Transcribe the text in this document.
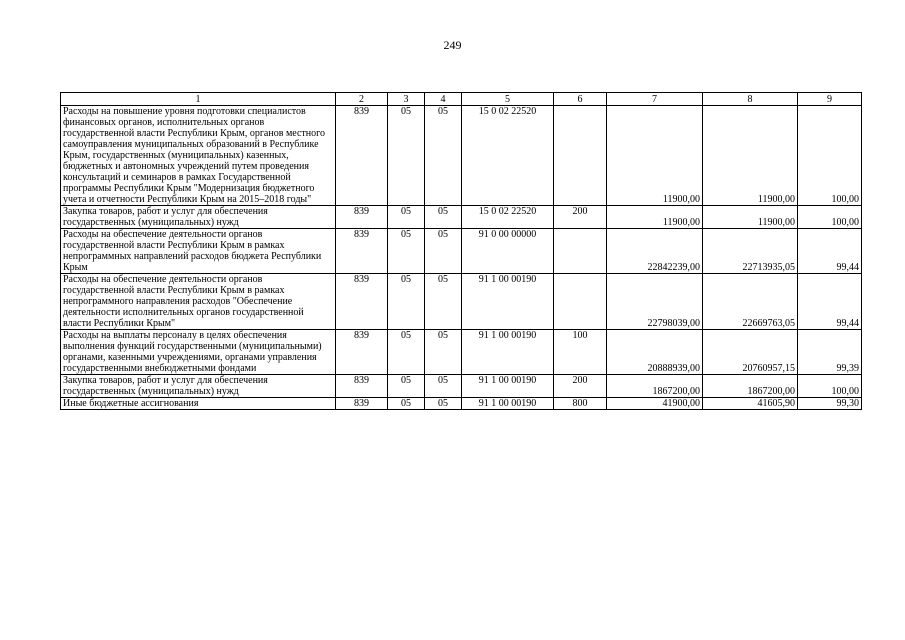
249
1	2	3	4	5	6	7	8	9
Расходы на повышение уровня подготовки специалистов финансовых органов, исполнительных органов государственной власти Республики Крым, органов местного самоуправления муниципальных образований в Республике Крым, государственных (муниципальных) казенных, бюджетных и автономных учреждений путем проведения консультаций и семинаров в рамках Государственной программы Республики Крым "Модернизация бюджетного учета и отчетности Республики Крым на 2015–2018 годы"	839	05	05	15 0 02 22520		11900,00	11900,00	100,00
Закупка товаров, работ и услуг для обеспечения государственных (муниципальных) нужд	839	05	05	15 0 02 22520	200	11900,00	11900,00	100,00
Расходы на обеспечение деятельности органов государственной власти Республики Крым в рамках непрограммных направлений расходов бюджета Республики Крым	839	05	05	91 0 00 00000		22842239,00	22713935,05	99,44
Расходы на обеспечение деятельности органов государственной власти Республики Крым в рамках непрограммного направления расходов "Обеспечение деятельности исполнительных органов государственной власти Республики Крым"	839	05	05	91 1 00 00190		22798039,00	22669763,05	99,44
Расходы на выплаты персоналу в целях обеспечения выполнения функций государственными (муниципальными) органами, казенными учреждениями, органами управления государственными внебюджетными фондами	839	05	05	91 1 00 00190	100	20888939,00	20760957,15	99,39
Закупка товаров, работ и услуг для обеспечения государственных (муниципальных) нужд	839	05	05	91 1 00 00190	200	1867200,00	1867200,00	100,00
Иные бюджетные ассигнования	839	05	05	91 1 00 00190	800	41900,00	41605,90	99,30
